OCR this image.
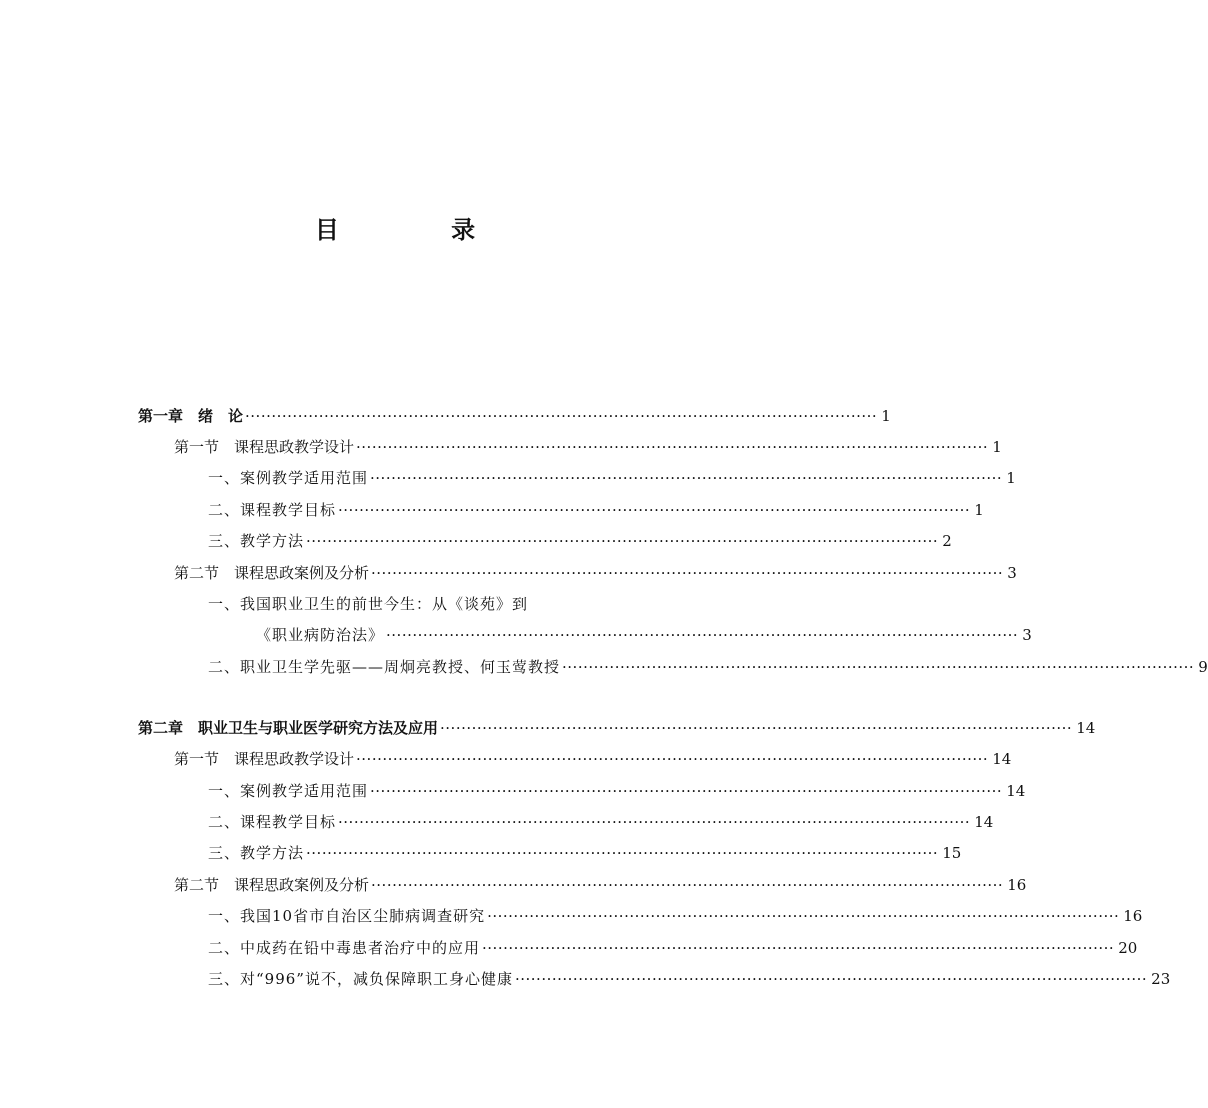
目 录
第一章　绪　论 ························································································································ 1
第一节　课程思政教学设计 ························································································································ 1
一、案例教学适用范围 ························································································································ 1
二、课程教学目标 ························································································································ 1
三、教学方法 ························································································································ 2
第二节　课程思政案例及分析 ························································································································ 3
一、我国职业卫生的前世今生：从《谈苑》到
《职业病防治法》 ························································································································ 3
二、职业卫生学先驱——周炯亮教授、何玉莺教授 ························································································································ 9
第二章　职业卫生与职业医学研究方法及应用 ························································································································ 14
第一节　课程思政教学设计 ························································································································ 14
一、案例教学适用范围 ························································································································ 14
二、课程教学目标 ························································································································ 14
三、教学方法 ························································································································ 15
第二节　课程思政案例及分析 ························································································································ 16
一、我国10省市自治区尘肺病调查研究 ························································································································ 16
二、中成药在铅中毒患者治疗中的应用 ························································································································ 20
三、对“996”说不，减负保障职工身心健康 ························································································································ 23
